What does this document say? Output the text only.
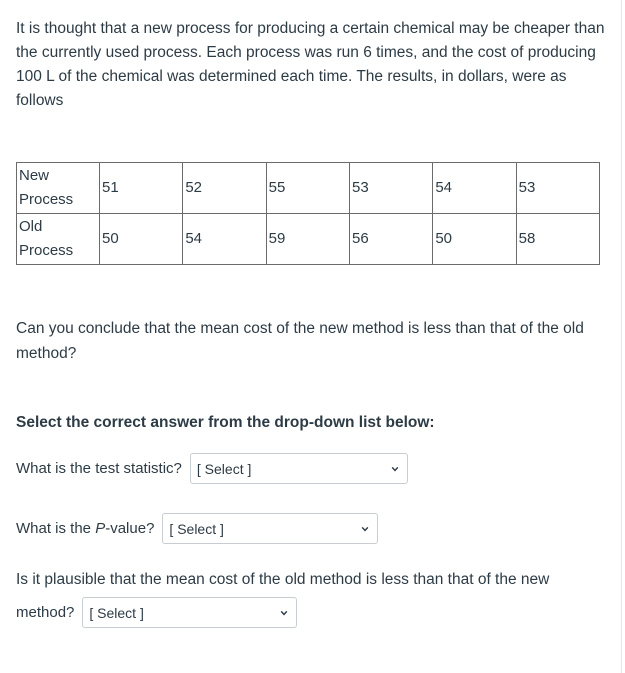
It is thought that a new process for producing a certain chemical may be cheaper than the currently used process. Each process was run 6 times, and the cost of producing 100 L of the chemical was determined each time. The results, in dollars, were as follows

New Process	51	52	55	53	54	53
Old Process	50	54	59	56	50	58

Can you conclude that the mean cost of the new method is less than that of the old method?

Select the correct answer from the drop-down list below:

What is the test statistic? [ Select ]
What is the P-value? [ Select ]

Is it plausible that the mean cost of the old method is less than that of the new

method? [ Select ]
